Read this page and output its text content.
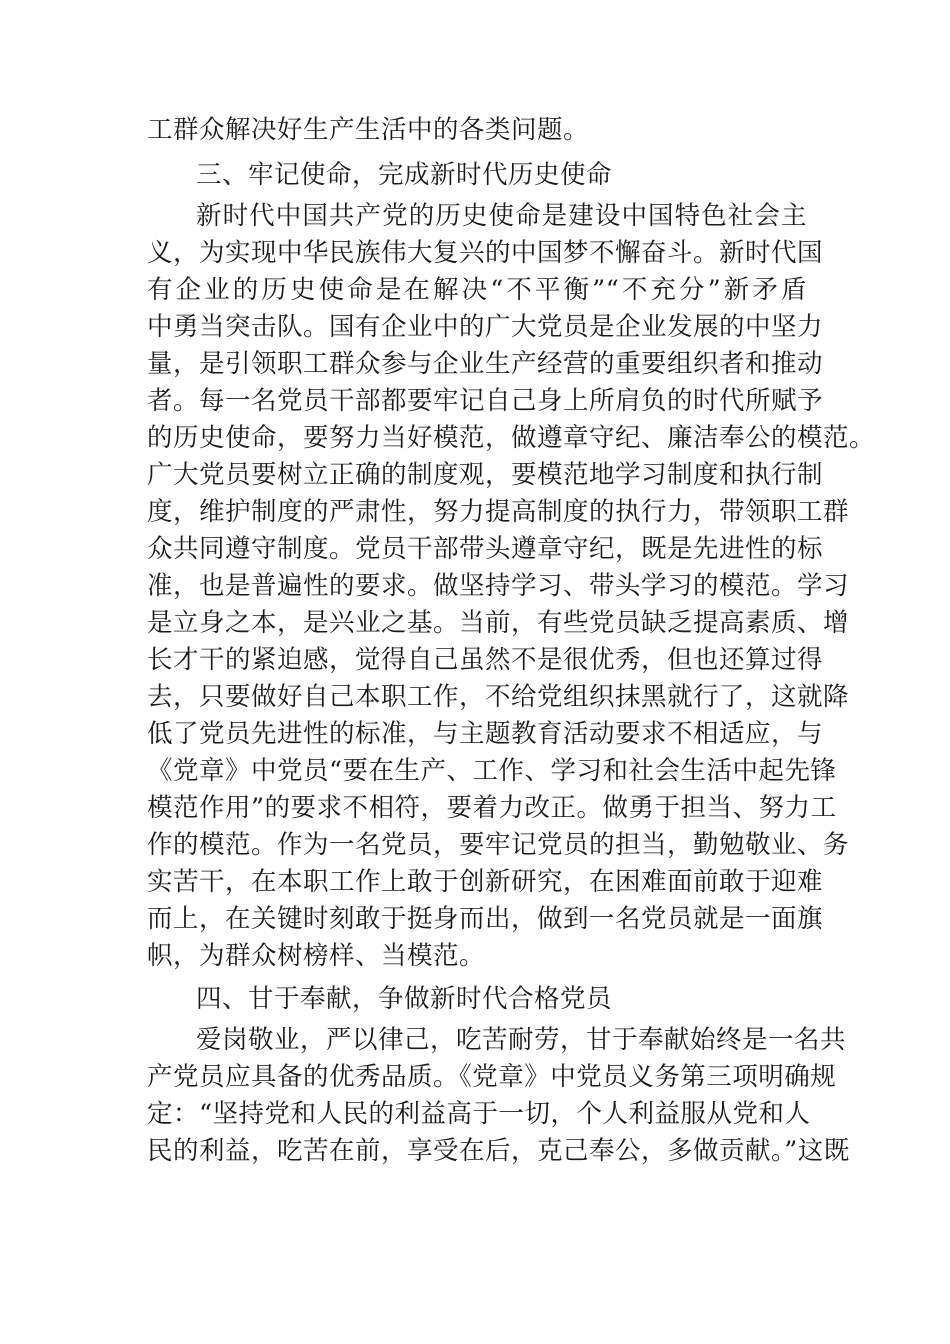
工群众解决好生产生活中的各类问题。
三、牢记使命，完成新时代历史使命
新时代中国共产党的历史使命是建设中国特色社会主
义，为实现中华民族伟大复兴的中国梦不懈奋斗。新时代国
有企业的历史使命是在解决“不平衡”“不充分”新矛盾
中勇当突击队。国有企业中的广大党员是企业发展的中坚力
量，是引领职工群众参与企业生产经营的重要组织者和推动
者。每一名党员干部都要牢记自己身上所肩负的时代所赋予
的历史使命，要努力当好模范，做遵章守纪、廉洁奉公的模范。
广大党员要树立正确的制度观，要模范地学习制度和执行制
度，维护制度的严肃性，努力提高制度的执行力，带领职工群
众共同遵守制度。党员干部带头遵章守纪，既是先进性的标
准，也是普遍性的要求。做坚持学习、带头学习的模范。学习
是立身之本，是兴业之基。当前，有些党员缺乏提高素质、增
长才干的紧迫感，觉得自己虽然不是很优秀，但也还算过得
去，只要做好自己本职工作，不给党组织抹黑就行了，这就降
低了党员先进性的标准，与主题教育活动要求不相适应，与
《党章》中党员“要在生产、工作、学习和社会生活中起先锋
模范作用”的要求不相符，要着力改正。做勇于担当、努力工
作的模范。作为一名党员，要牢记党员的担当，勤勉敬业、务
实苦干，在本职工作上敢于创新研究，在困难面前敢于迎难
而上，在关键时刻敢于挺身而出，做到一名党员就是一面旗
帜，为群众树榜样、当模范。
四、甘于奉献，争做新时代合格党员
爱岗敬业，严以律己，吃苦耐劳，甘于奉献始终是一名共
产党员应具备的优秀品质。《党章》中党员义务第三项明确规
定：“坚持党和人民的利益高于一切，个人利益服从党和人
民的利益，吃苦在前，享受在后，克己奉公，多做贡献。”这既
